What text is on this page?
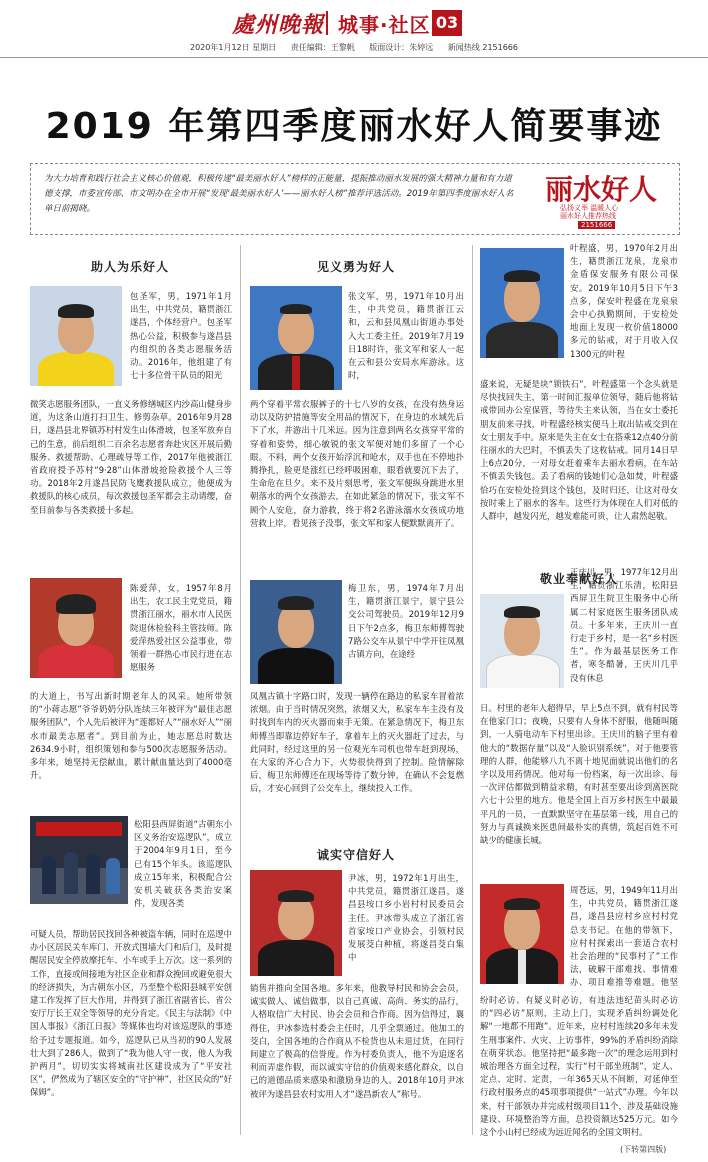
處州晚報 城事·社区 03
2020年1月12日 星期日 责任编辑：王黎帆 版面设计：朱婷远 新闻热线 2151666
2019 年第四季度丽水好人简要事迹
为大力培育和践行社会主义核心价值观，积极传递“最美丽水好人”榜样的正能量，提振推动丽水发展的强大精神力量和有力道德支撑，市委宣传部、市文明办在全市开展“发现‘最美丽水好人’——丽水好人榜”推荐评选活动。2019年第四季度丽水好人名单日前揭晓。
丽水好人
弘扬义举 温暖人心
丽水好人推荐热线
2151666
助人为乐好人
包圣军，男，1971年1月出生，中共党员，籍贯浙江遂昌，个体经营户。包圣军热心公益，积极参与遂昌县内组织的各类志愿服务活动。2016年，他组建了有七十多位骨干队员的阳光
微笑志愿服务团队，一直义务修缮城区内沙高山健身步道，为这条山道打扫卫生、修剪杂草。2016年9月28日，遂昌县北界镇苏村村发生山体滑坡，包圣军放弃自己的生意，前后组织二百余名志愿者奔赴灾区开展后勤服务、救援帮助、心理疏导等工作，2017年他被浙江省政府授予苏村“9·28”山体滑坡抢险救援个人三等功。2018年2月遂昌民防飞鹰救援队成立，他便成为救援队的核心成员，每次救援包圣军都会主动请缨，奋至目前参与各类救援十多起。
陈爱萍，女，1957年8月出生，农工民主党党员，籍贯浙江丽水，丽水市人民医院退休检验科主管技师。陈爱萍热爱社区公益事业，带领着一群热心市民行进在志愿服务
的大道上，书写出新时期老年人的风采。她所带领的“小蒋志愿”爷爷奶奶分队连续三年被评为“最佳志愿服务团队”，个人先后被评为“莲都好人”“丽水好人”“丽水市最美志愿者”。到目前为止，她志愿总时数达2634.9小时，组织策划和参与500次志愿服务活动。多年来，她坚持无偿献血，累计献血量达到了4000毫升。
松阳县西屏街道“古朝东小区义务治安巡逻队”，成立于2004年9月1日，至今已有15个年头。该巡逻队成立15年来，积极配合公安机关破获各类治安案件，发现各类
可疑人员，帮助居民找回各种被盗车辆，同时在巡逻中办小区居民关车库门、开放式围墙大门和后门，及时提醒居民安全停放摩托车、小车或手上万次。这一系列的工作，直接或间接地为社区企业和群众挽回或避免很大的经济损失，为古朝东小区，乃至整个松阳县城平安创建工作发挥了巨大作用，并得到了浙江省副省长、省公安厅厅长王双全等领导的充分肯定。《民主与法制》《中国人事报》《浙江日报》等媒体也均对该巡逻队的事迹给予过专题报道。如今，巡逻队已从当初的90人发展壮大到了286人，做到了“我为他人守一夜，他人为我护两月”，切切实实将城南社区建设成为了“平安社区”，俨然成为了辖区安全的“守护神”，社区民众的“好保姆”。
见义勇为好人
张文军，男，1971年10月出生，中共党员，籍贯浙江云和，云和县凤凰山街道办事处入大工委主任。2019年7月19日18时许，张文军和家人一起在云和县公安局水库游泳。这时，
两个穿着平常衣服裤子的十七八岁的女孩，在没有热身运动以及防护措施等安全用品的情况下，在身边的水域先后下了水，并游出十几米远。因为注意到两名女孩穿平常的穿着和姿势，细心敏锐的张文军便对她们多留了一个心眼。不料，两个女孩开始浮沉和呛水，双手也在不停地扑腾挣扎，脸更是涨红已经呼吸困难，眼看就要沉下去了，生命危在旦夕。来不及片刻思考，张文军便纵身跳进水里朝落水的两个女孩游去，在如此紧急的情况下，张文军不顾个人安危，奋力游救，终于将2名游泳溺水女孩成功地营救上岸，看见孩子没事，张文军和家人便默默离开了。
梅卫东，男，1974年7月出生，籍贯浙江景宁，景宁县公交公司驾驶员。2019年12月9日下午2点多，梅卫东师傅驾驶7路公交车从景宁中学开往凤凰古镇方向，在途经
凤凰古镇十字路口时，发现一辆停在路边的私家车冒着浓浓烟。由于当时情况突然，浓烟又大，私家车车主没有及时找到车内的灭火器而束手无策。在紧急情况下，梅卫东师傅当即靠边停好车子，拿着车上的灭火器赶了过去，与此同时，经过这里的另一位观光车司机也带车赶到现场，在大家的齐心合力下，火势很快得到了控制。险情解除后，梅卫东师傅还在现场等待了数分钟，在确认不会复燃后，才安心回到了公交车上，继续投入工作。
诚实守信好人
尹冰，男，1972年1月出生，中共党员，籍贯浙江遂昌，遂昌县垵口乡小岩村村民委员会主任。尹冰带头成立了浙江省首家垵口产业协会，引领村民发展茭白种植，将遂昌茭白集中
销售并推向全国各地。多年来，他教导村民和协会会员，诚实做人、诚信做事，以自己真诚、高尚、务实的品行，人格取信广大村民、协会会员和合作商。因为信得过，襄得住，尹冰参选村委会主任时，几乎全票通过。他加工的茭白，全国各地的合作商从不检货也从未退过货，在同行间建立了极高的信誉度。作为村委负责人，他不为追逐名利而弄虚作假，而以诚实守信的价值观来感化群众，以自己的道德品质来感染和激励身边的人。2018年10月尹冰被评为遂昌县农村实用人才“遂昌新农人”称号。
叶程盛，男，1970年2月出生，籍贯浙江龙泉，龙泉市金盾保安服务有限公司保安。2019年10月5日下午3点多，保安叶程盛在龙泉泉会中心执勤期间，于安检处地面上发现一枚价值18000多元的钻戒，对于月收入仅1300元的叶程
盛来说，无疑是块“锁铁石”，叶程盛第一个念头就是尽快找回失主，第一时间汇报单位领导，随后他将钻戒带回办公室保管，等待失主来认领，当在女士委托朋友前来寻找，叶程盛经核实便马上取出钻戒交到在女士朋友手中。原来是失主在女士在搭乘12点40分前往丽水的大巴时，不慎丢失了这枚钻戒。同月14日早上6点20分，一对母女赶着乘车去丽水看病，在车站不慎丢失钱包。丢了看病的钱她们心急如焚，叶程盛恰巧在安检处捡到这个钱包，及时归还，让这对母女按时乘上了丽水的客车。这些行为体现在人们对低的人群中，越发闪光，越发难能可贵，让人肃然起敬。
敬业奉献好人
王庆川，男，1977年12月出生，籍贯浙江乐清，松阳县西屏卫生院卫生服务中心所属二村家庭医生服务团队成员。十多年来，王庆川一直行走于乡村，是一名“乡村医生”。作为最基层医务工作者，寒冬酷暑，王庆川几乎没有休息
日。村里的老年人超得早，早上5点不到，就有村民等在他家门口；夜晚，只要有人身体不舒服，他随叫随到，一人骑电动车下村里出诊。王庆川的脑子里有着他大的“数据存量”以及“人脸识别系统”，对于他要管理的人群，他能够八九不离十地见面就说出他们的名字以及用药情况。他对每一份档案，每一次出诊、每一次评估都做到精益求精，有时甚至要出诊到离医院六七十公里的地方。他是全国上百万乡村医生中最最平凡的一员，一直默默坚守在基层第一线，用自己的努力与真诚换来医患间最朴实的真情，筑起百姓不可缺少的健康长城。
周苍远，男，1949年11月出生，中共党员，籍贯浙江遂昌，遂昌县应村乡应村村党总支书记。在他的带领下，应村村探索出一套适合农村社会治理的“民事村了”工作法，破解干部难找、事情难办、项目难推等难题。他坚
纷时必访、有疑义时必访，有违法违纪苗头时必访的“四必访”原则，主动上门，实现矛盾纠纷调处化解“一地都不用跑”。近年来，应村村连续20多年未发生刑事案件、火灾、上访事件，99%的矛盾纠纷消除在萌芽状态。他坚持把“最多跑一次”的理念运用到村城治理各方面全过程，实行“村干部坐班制”，定人、定点、定时、定责，一年365天从不间断，对延伸至行政村服务点的45项事项提供“一站式”办理。今年以来，村干部领办并完成村级项目11个，涉及基础设施建设、环境整治等方面，总投资额达525万元。如今这个小山村已经成为远近闻名的全国文明村。
(下转第四版)
